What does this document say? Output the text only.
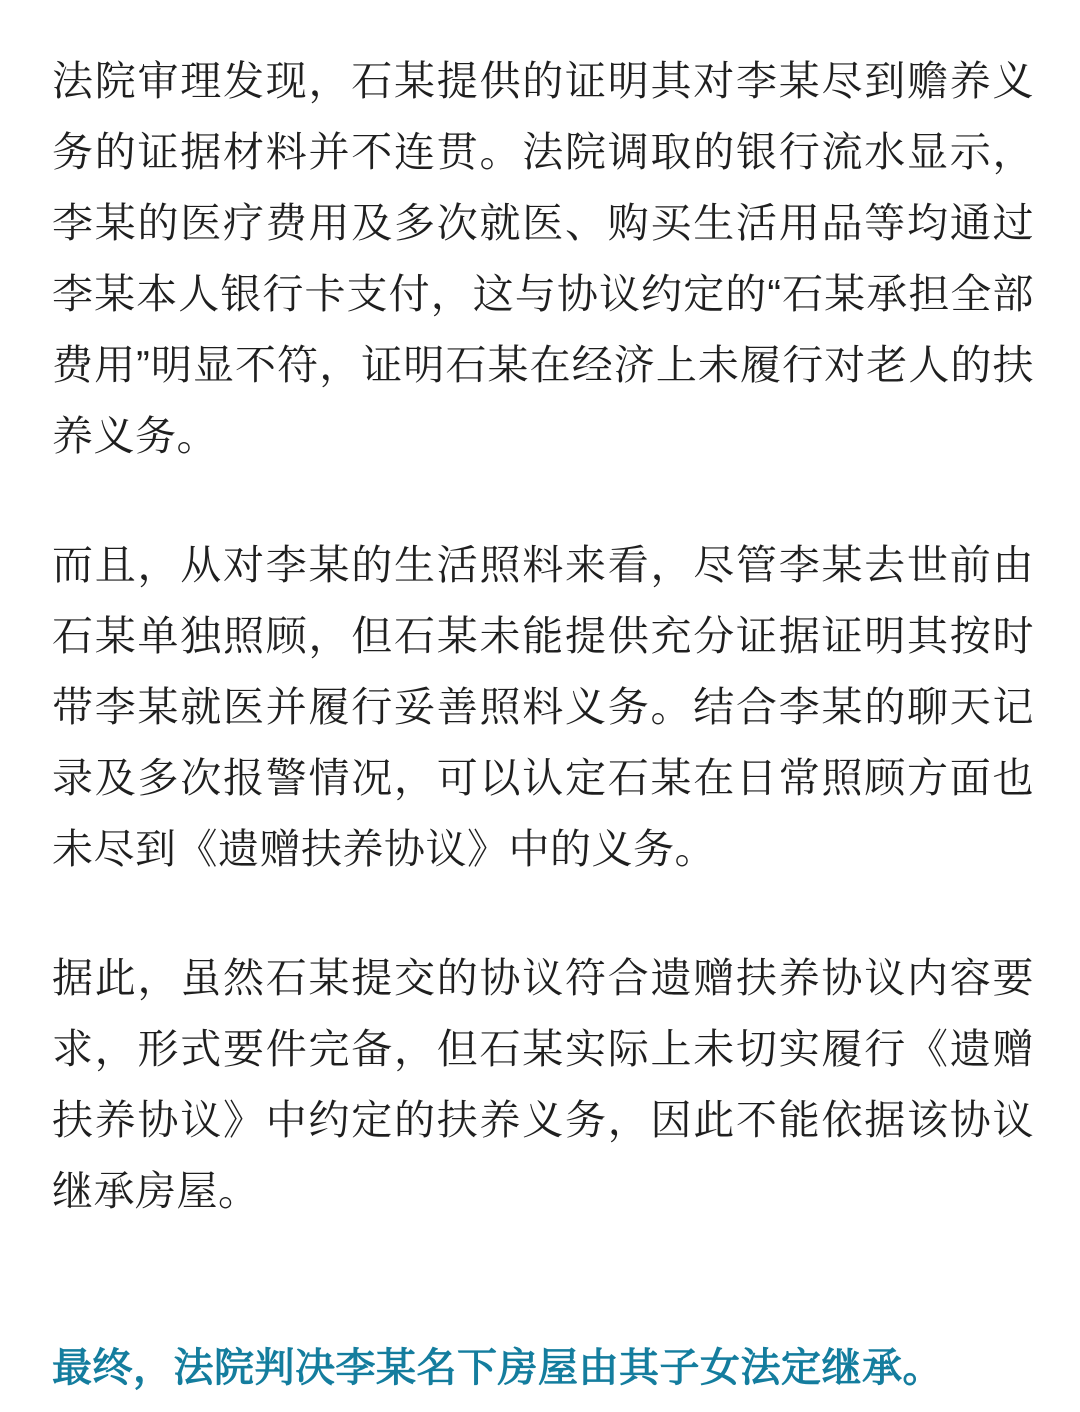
法院审理发现，石某提供的证明其对李某尽到赡养义务的证据材料并不连贯。法院调取的银行流水显示，李某的医疗费用及多次就医、购买生活用品等均通过李某本人银行卡支付，这与协议约定的“石某承担全部费用”明显不符，证明石某在经济上未履行对老人的扶养义务。

而且，从对李某的生活照料来看，尽管李某去世前由石某单独照顾，但石某未能提供充分证据证明其按时带李某就医并履行妥善照料义务。结合李某的聊天记录及多次报警情况，可以认定石某在日常照顾方面也未尽到《遗赠扶养协议》中的义务。

据此，虽然石某提交的协议符合遗赠扶养协议内容要求，形式要件完备，但石某实际上未切实履行《遗赠扶养协议》中约定的扶养义务，因此不能依据该协议继承房屋。

最终，法院判决李某名下房屋由其子女法定继承。
